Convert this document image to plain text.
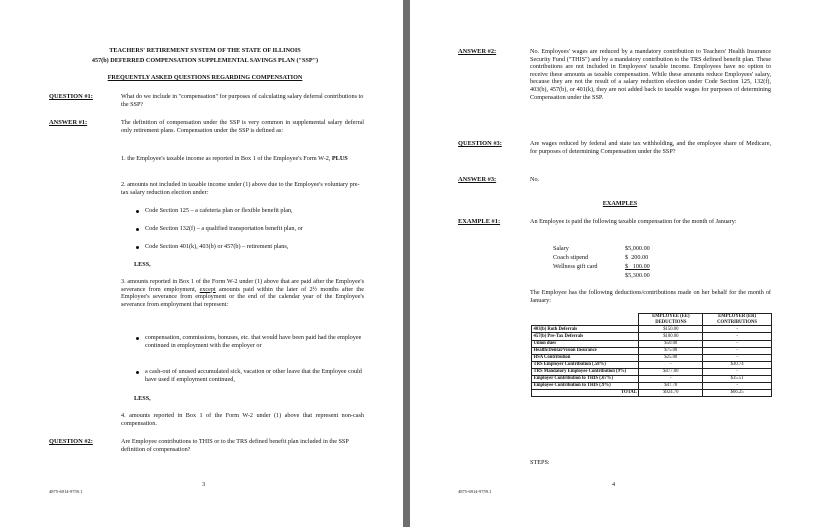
TEACHERS' RETIREMENT SYSTEM OF THE STATE OF ILLINOIS
457(b) DEFERRED COMPENSATION SUPPLEMENTAL SAVINGS PLAN ("SSP")
FREQUENTLY ASKED QUESTIONS REGARDING COMPENSATION
QUESTION #1:	What do we include in "compensation" for purposes of calculating salary deferral contributions to the SSP?
ANSWER #1:	The definition of compensation under the SSP is very common in supplemental salary deferral only retirement plans. Compensation under the SSP is defined as:
1. the Employee's taxable income as reported in Box 1 of the Employee's Form W-2, PLUS
2. amounts not included in taxable income under (1) above due to the Employee's voluntary pre-tax salary reduction election under:
Code Section 125 – a cafeteria plan or flexible benefit plan,
Code Section 132(f) – a qualified transportation benefit plan, or
Code Section 401(k), 403(b) or 457(b) – retirement plans,
LESS,
3. amounts reported in Box 1 of the Form W-2 under (1) above that are paid after the Employee's severance from employment, except amounts paid within the later of 2½ months after the Employee's severance from employment or the end of the calendar year of the Employee's severance from employment that represent:
compensation, commissions, bonuses, etc. that would have been paid had the employee continued in employment with the employer or
a cash-out of unused accumulated sick, vacation or other leave that the Employee could have used if employment continued,
LESS,
4. amounts reported in Box 1 of the Form W-2 under (1) above that represent non-cash compensation.
QUESTION #2:	Are Employee contributions to THIS or to the TRS defined benefit plan included in the SSP definition of compensation?
3
4875-6914-9759.1
ANSWER #2:	No. Employees' wages are reduced by a mandatory contribution to Teachers' Health Insurance Security Fund ("THIS") and by a mandatory contribution to the TRS defined benefit plan. These contributions are not included in Employees' taxable income. Employees have no option to receive these amounts as taxable compensation. While these amounts reduce Employees' salary, because they are not the result of a salary reduction election under Code Section 125, 132(f), 403(b), 457(b), or 401(k), they are not added back to taxable wages for purposes of determining Compensation under the SSP.
QUESTION #3:	Are wages reduced by federal and state tax withholding, and the employee share of Medicare, for purposes of determining Compensation under the SSP?
ANSWER #3:	No.
EXAMPLES
EXAMPLE #1:	An Employee is paid the following taxable compensation for the month of January:
Salary	$5,000.00
Coach stipend	$  200.00
Wellness gift card	$   100.00
$5,300.00
The Employee has the following deductions/contributions made on her behalf for the month of January:
	EMPLOYEE (EE) DEDUCTIONS	EMPLOYER (ER) CONTRIBUTIONS
403(b) Roth Deferrals	$150.00	-
457(b) Pre-Tax Deferrals	$100.00	-
Union dues	$50.00	-
Health/Dental/Vision Insurance	$75.00	-
HSA Contribution	$25.00	-
TRS Employer Contribution (.58%)	-	$30.74
TRS Mandatory Employee Contribution (9%)	$477.00	-
Employer Contribution to THIS (.67%)	-	$35.51
Employee Contribution to THIS (.9%)	$47.70	-
TOTAL	$924.70	$66.25
STEPS:
4
4875-6914-9759.1
